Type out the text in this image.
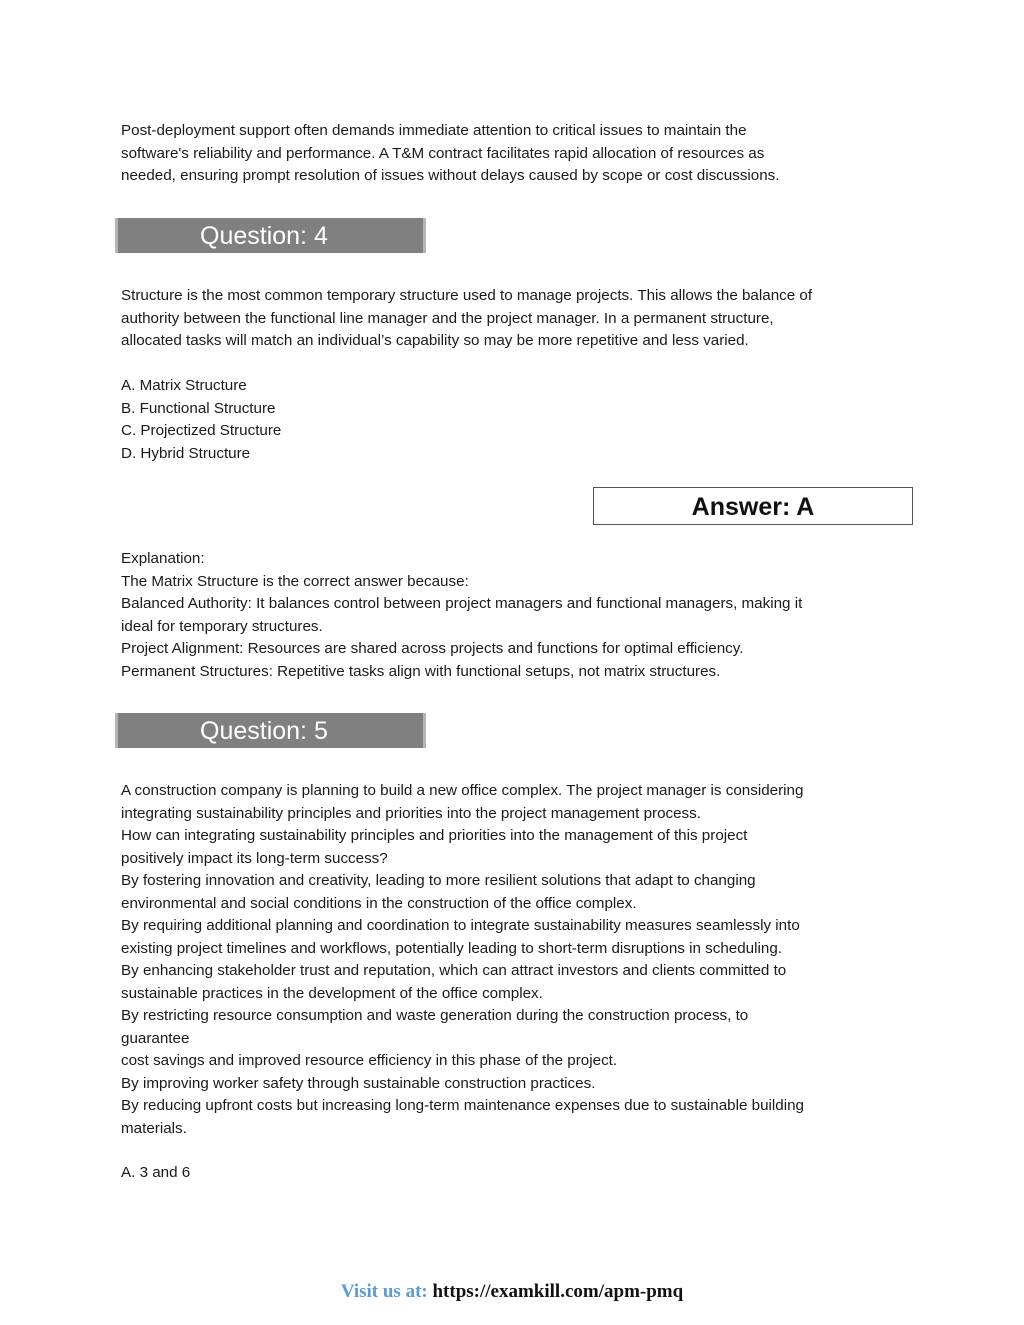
Post-deployment support often demands immediate attention to critical issues to maintain the
software's reliability and performance. A T&M contract facilitates rapid allocation of resources as
needed, ensuring prompt resolution of issues without delays caused by scope or cost discussions.

Question: 4

Structure is the most common temporary structure used to manage projects. This allows the balance of
authority between the functional line manager and the project manager. In a permanent structure,
allocated tasks will match an individual’s capability so may be more repetitive and less varied.

A. Matrix Structure
B. Functional Structure
C. Projectized Structure
D. Hybrid Structure

Answer: A

Explanation:
The Matrix Structure is the correct answer because:
Balanced Authority: It balances control between project managers and functional managers, making it
ideal for temporary structures.
Project Alignment: Resources are shared across projects and functions for optimal efficiency.
Permanent Structures: Repetitive tasks align with functional setups, not matrix structures.

Question: 5

A construction company is planning to build a new office complex. The project manager is considering
integrating sustainability principles and priorities into the project management process.
How can integrating sustainability principles and priorities into the management of this project
positively impact its long-term success?
By fostering innovation and creativity, leading to more resilient solutions that adapt to changing
environmental and social conditions in the construction of the office complex.
By requiring additional planning and coordination to integrate sustainability measures seamlessly into
existing project timelines and workflows, potentially leading to short-term disruptions in scheduling.
By enhancing stakeholder trust and reputation, which can attract investors and clients committed to
sustainable practices in the development of the office complex.
By restricting resource consumption and waste generation during the construction process, to
guarantee
cost savings and improved resource efficiency in this phase of the project.
By improving worker safety through sustainable construction practices.
By reducing upfront costs but increasing long-term maintenance expenses due to sustainable building
materials.

A. 3 and 6

Visit us at: https://examkill.com/apm-pmq
